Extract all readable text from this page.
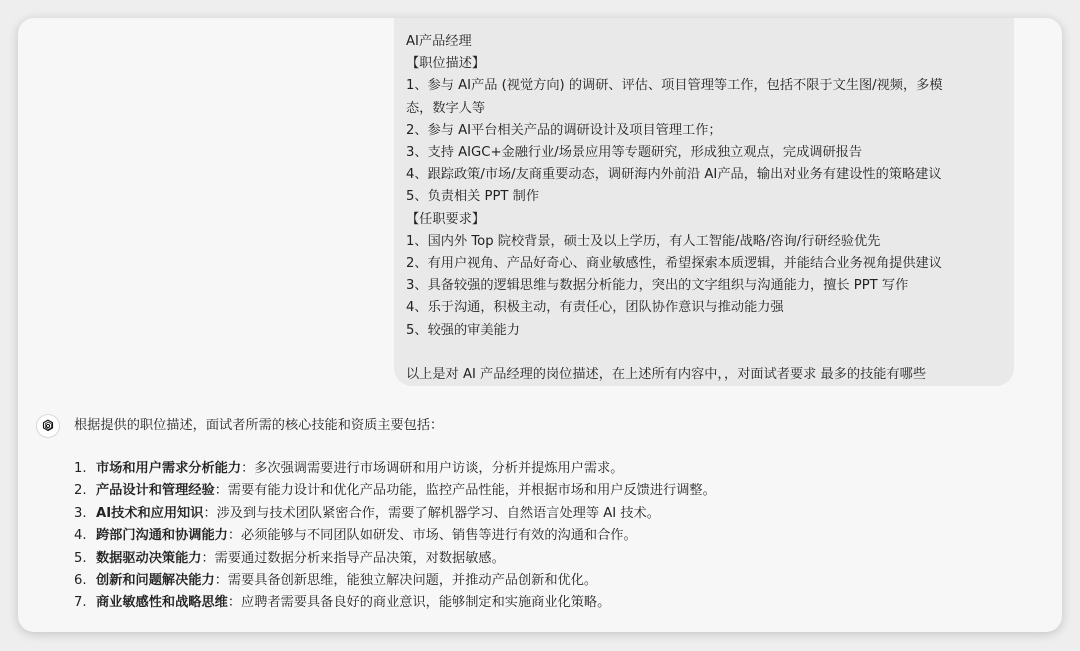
AI产品经理
【职位描述】
1、参与 AI产品 (视觉方向) 的调研、评估、项目管理等工作，包括不限于文生图/视频，多模
态，数字人等
2、参与 AI平台相关产品的调研设计及项目管理工作；
3、支持 AIGC+金融行业/场景应用等专题研究，形成独立观点，完成调研报告
4、跟踪政策/市场/友商重要动态，调研海内外前沿 AI产品，输出对业务有建设性的策略建议
5、负责相关 PPT 制作
【任职要求】
1、国内外 Top 院校背景，硕士及以上学历，有人工智能/战略/咨询/行研经验优先
2、有用户视角、产品好奇心、商业敏感性，希望探索本质逻辑，并能结合业务视角提供建议
3、具备较强的逻辑思维与数据分析能力，突出的文字组织与沟通能力，擅长 PPT 写作
4、乐于沟通，积极主动，有责任心，团队协作意识与推动能力强
5、较强的审美能力
以上是对 AI 产品经理的岗位描述，在上述所有内容中，，对面试者要求 最多的技能有哪些
根据提供的职位描述，面试者所需的核心技能和资质主要包括：
1. 市场和用户需求分析能力：多次强调需要进行市场调研和用户访谈，分析并提炼用户需求。
2. 产品设计和管理经验：需要有能力设计和优化产品功能，监控产品性能，并根据市场和用户反馈进行调整。
3. AI技术和应用知识：涉及到与技术团队紧密合作，需要了解机器学习、自然语言处理等 AI 技术。
4. 跨部门沟通和协调能力：必须能够与不同团队如研发、市场、销售等进行有效的沟通和合作。
5. 数据驱动决策能力：需要通过数据分析来指导产品决策，对数据敏感。
6. 创新和问题解决能力：需要具备创新思维，能独立解决问题，并推动产品创新和优化。
7. 商业敏感性和战略思维：应聘者需要具备良好的商业意识，能够制定和实施商业化策略。
